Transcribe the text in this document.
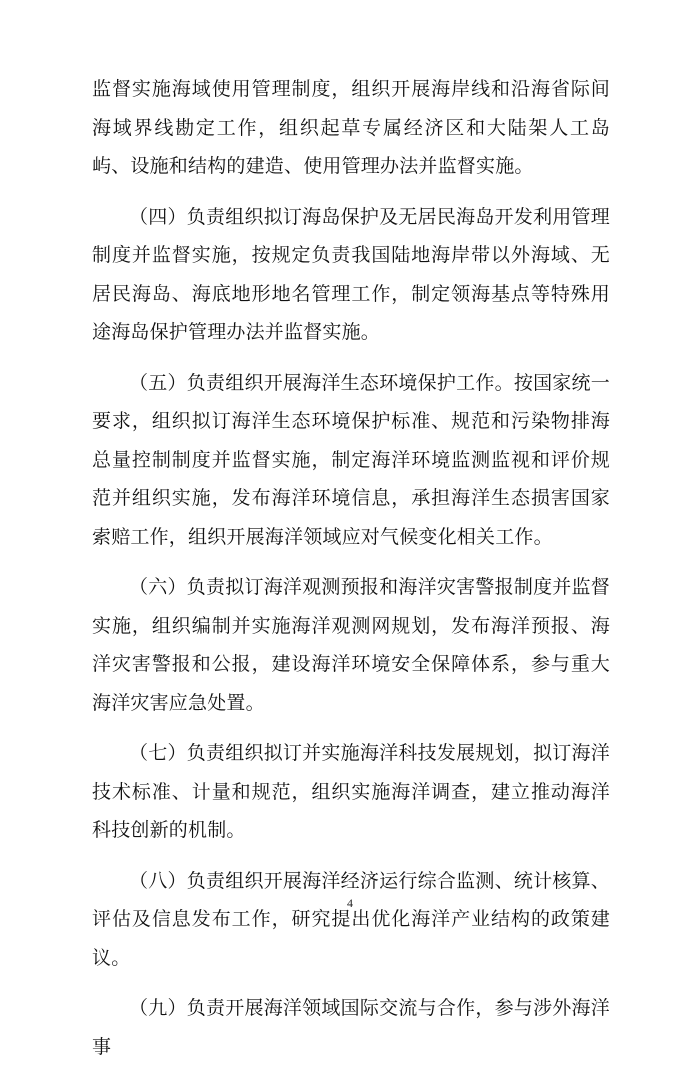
监督实施海域使用管理制度，组织开展海岸线和沿海省际间海域界线勘定工作，组织起草专属经济区和大陆架人工岛屿、设施和结构的建造、使用管理办法并监督实施。

（四）负责组织拟订海岛保护及无居民海岛开发利用管理制度并监督实施，按规定负责我国陆地海岸带以外海域、无居民海岛、海底地形地名管理工作，制定领海基点等特殊用途海岛保护管理办法并监督实施。

（五）负责组织开展海洋生态环境保护工作。按国家统一要求，组织拟订海洋生态环境保护标准、规范和污染物排海总量控制制度并监督实施，制定海洋环境监测监视和评价规范并组织实施，发布海洋环境信息，承担海洋生态损害国家索赔工作，组织开展海洋领域应对气候变化相关工作。

（六）负责拟订海洋观测预报和海洋灾害警报制度并监督实施，组织编制并实施海洋观测网规划，发布海洋预报、海洋灾害警报和公报，建设海洋环境安全保障体系，参与重大海洋灾害应急处置。

（七）负责组织拟订并实施海洋科技发展规划，拟订海洋技术标准、计量和规范，组织实施海洋调查，建立推动海洋科技创新的机制。

（八）负责组织开展海洋经济运行综合监测、统计核算、评估及信息发布工作，研究提出优化海洋产业结构的政策建议。

（九）负责开展海洋领域国际交流与合作，参与涉外海洋事

4
